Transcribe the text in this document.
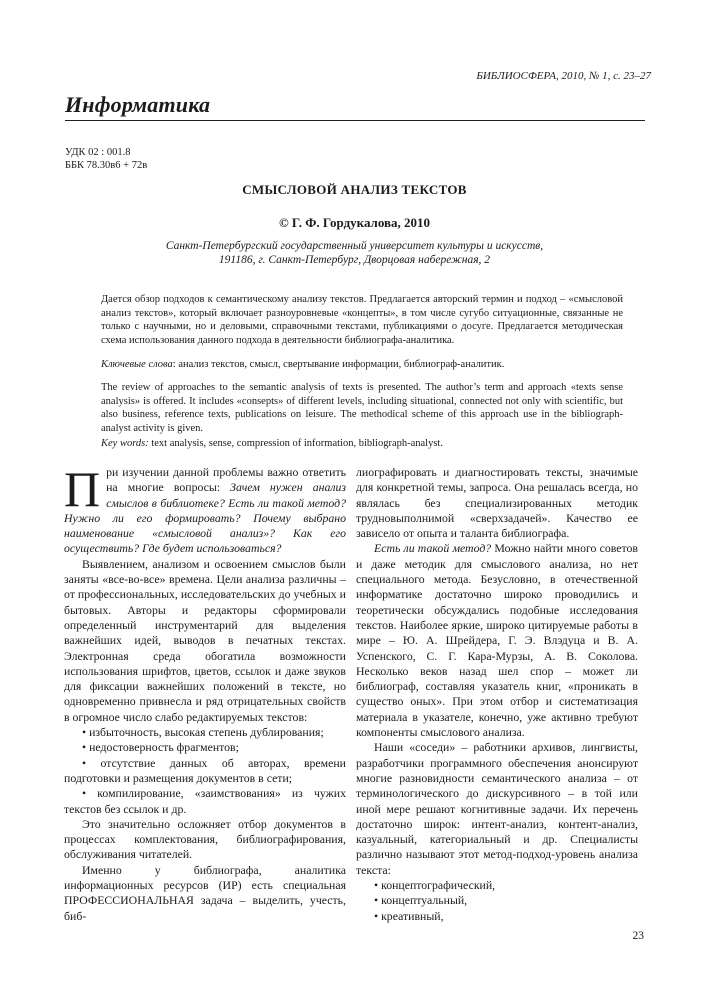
БИБЛИОСФЕРА, 2010, № 1, с. 23–27
Информатика
УДК 02 : 001.8
ББК 78.30в6 + 72в
СМЫСЛОВОЙ АНАЛИЗ ТЕКСТОВ
© Г. Ф. Гордукалова, 2010
Санкт-Петербургский государственный университет культуры и искусств,
191186, г. Санкт-Петербург, Дворцовая набережная, 2

Дается обзор подходов к семантическому анализу текстов. Предлагается авторский термин и подход – «смысловой анализ текстов», который включает разноуровневые «концепты», в том числе сугубо ситуационные, связанные не только с научными, но и деловыми, справочными текстами, публикациями о досуге. Предлагается методическая схема использования данного подхода в деятельности библиографа-аналитика.

Ключевые слова: анализ текстов, смысл, свертывание информации, библиограф-аналитик.

The review of approaches to the semantic analysis of texts is presented. The author’s term and approach «texts sense analysis» is offered. It includes «consepts» of different levels, including situational, connected not only with scientific, but also business, reference texts, publications on leisure. The methodical scheme of this approach use in the bibliograph-analyst activity is given.

Key words: text analysis, sense, compression of information, bibliograph-analyst.

При изучении данной проблемы важно ответить на многие вопросы: Зачем нужен анализ смыслов в библиотеке? Есть ли такой метод? Нужно ли его формировать? Почему выбрано наименование «смысловой анализ»? Как его осуществить? Где будет использоваться?

Выявлением, анализом и освоением смыслов были заняты «все-во-все» времена. Цели анализа различны – от профессиональных, исследовательских до учебных и бытовых. Авторы и редакторы сформировали определенный инструментарий для выделения важнейших идей, выводов в печатных текстах. Электронная среда обогатила возможности использования шрифтов, цветов, ссылок и даже звуков для фиксации важнейших положений в тексте, но одновременно привнесла и ряд отрицательных свойств в огромное число слабо редактируемых текстов:

• избыточность, высокая степень дублирования;

• недостоверность фрагментов;

• отсутствие данных об авторах, времени подготовки и размещения документов в сети;

• компилирование, «заимствования» из чужих текстов без ссылок и др.

Это значительно осложняет отбор документов в процессах комплектования, библиографирования, обслуживания читателей.

Именно у библиографа, аналитика информационных ресурсов (ИР) есть специальная ПРОФЕССИОНАЛЬНАЯ задача – выделить, учесть, биб-

лиографировать и диагностировать тексты, значимые для конкретной темы, запроса. Она решалась всегда, но являлась без специализированных методик трудновыполнимой «сверхзадачей». Качество ее зависело от опыта и таланта библиографа.

Есть ли такой метод? Можно найти много советов и даже методик для смыслового анализа, но нет специального метода. Безусловно, в отечественной информатике достаточно широко проводились и теоретически обсуждались подобные исследования текстов. Наиболее яркие, широко цитируемые работы в мире – Ю. А. Шрейдера, Г. Э. Влэдуца и В. А. Успенского, С. Г. Кара-Мурзы, А. В. Соколова. Несколько веков назад шел спор – может ли библиограф, составляя указатель книг, «проникать в существо оных». При этом отбор и систематизация материала в указателе, конечно, уже активно требуют компоненты смыслового анализа.

Наши «соседи» – работники архивов, лингвисты, разработчики программного обеспечения анонсируют многие разновидности семантического анализа – от терминологического до дискурсивного – в той или иной мере решают когнитивные задачи. Их перечень достаточно широк: интент-анализ, контент-анализ, казуальный, категориальный и др. Специалисты различно называют этот метод-подход-уровень анализа текста:

• концептографический,

• концептуальный,

• креативный,

23
